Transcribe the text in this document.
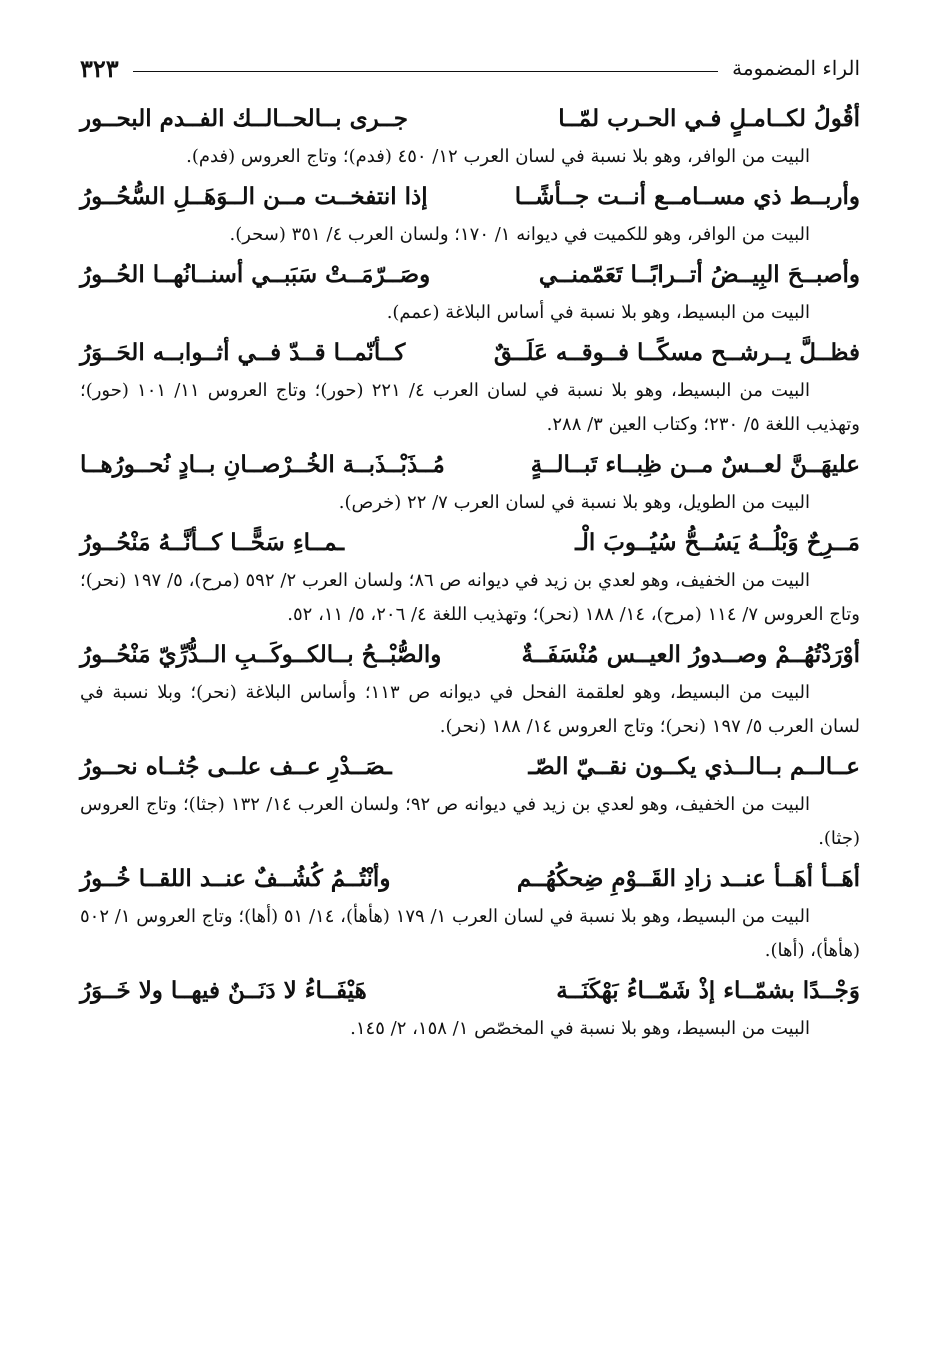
الراء المضمومة
٣٢٣
أقُولُ لكــامـلٍ فـي الحـرب لمّــا
جــرى بــالحــالــك الفــدم البحــور

البيت من الوافر، وهو بلا نسبة في لسان العرب ١٢/ ٤٥٠ (فدم)؛ وتاج العروس (فدم).

وأربــط ذي مســامــع أنــت جــأشًــا
إذا انتفخــت مــن الــوَهَــلِ السُّحُــورُ

البيت من الوافر، وهو للكميت في ديوانه ١/ ١٧٠؛ ولسان العرب ٤/ ٣٥١ (سحر).

وأصبــحَ البِيــضُ أتــرابًــا تَعَمّمنــي
وصَــرّمَــتْ سَبَبــي أسنــانُهــا الحُــورُ

البيت من البسيط، وهو بلا نسبة في أساس البلاغة (عمم).

فظــلَّ يــرشــح مسكًــا فــوقــه عَلَــقٌ
كــأنّمــا قــدّ فــي أثــوابــه الحَــوَرُ

البيت من البسيط، وهو بلا نسبة في لسان العرب ٤/ ٢٢١ (حور)؛ وتاج العروس ١١/ ١٠١ (حور)؛ وتهذيب اللغة ٥/ ٢٣٠؛ وكتاب العين ٣/ ٢٨٨.

عليهَــنَّ لعــسٌ مــن ظِبــاء تَبــالــةٍ
مُــذَبْــذَبــة الخُــرْصــانِ بــادٍ نُحــورُهــا

البيت من الطويل، وهو بلا نسبة في لسان العرب ٧/ ٢٢ (خرص).

مَــرِحٌ وَبْلُــهُ يَسُــحُّ سُيُــوبَ الْـ
ـمــاءِ سَحًّــا كــأنَّــهُ مَنْحُــورُ

البيت من الخفيف، وهو لعدي بن زيد في ديوانه ص ٨٦؛ ولسان العرب ٢/ ٥٩٢ (مرح)، ٥/ ١٩٧ (نحر)؛ وتاج العروس ٧/ ١١٤ (مرح)، ١٤/ ١٨٨ (نحر)؛ وتهذيب اللغة ٤/ ٢٠٦، ٥/ ١١، ٥٢.

أوْرَدْتُهُــمْ وصــدورُ العيــس مُنْسَفَــةٌ
والصُّبْــحُ بــالكــوكَــبِ الــدُّرِّيّ مَنْحُــورُ

البيت من البسيط، وهو لعلقمة الفحل في ديوانه ص ١١٣؛ وأساس البلاغة (نحر)؛ وبلا نسبة في لسان العرب ٥/ ١٩٧ (نحر)؛ وتاج العروس ١٤/ ١٨٨ (نحر).

عــالــم بــالــذي يكــون نقــيّ الصّـ
ـصَــدْرِ عــف علــى جُثــاه نحــورُ

البيت من الخفيف، وهو لعدي بن زيد في ديوانه ص ٩٢؛ ولسان العرب ١٤/ ١٣٢ (جثا)؛ وتاج العروس (جثا).

أهَــأ أهَــأ عنــد زادِ القَــوْمِ ضِحكُهُــم
وأنْتُــمُ كُشُــفٌ عنــد اللقــا خُــورُ

البيت من البسيط، وهو بلا نسبة في لسان العرب ١/ ١٧٩ (هأهأ)، ١٤/ ٥١ (أها)؛ وتاج العروس ١/ ٥٠٢ (هأهأ)، (أها).

وَجْــدًا بشمّــاء إذْ شَمّــاءُ بَهْكَنَــة
هَيْفَــاءُ لا دَنَــنٌ فيهــا ولا خَــوَرُ

البيت من البسيط، وهو بلا نسبة في المخصّص ١/ ١٥٨، ٢/ ١٤٥.
